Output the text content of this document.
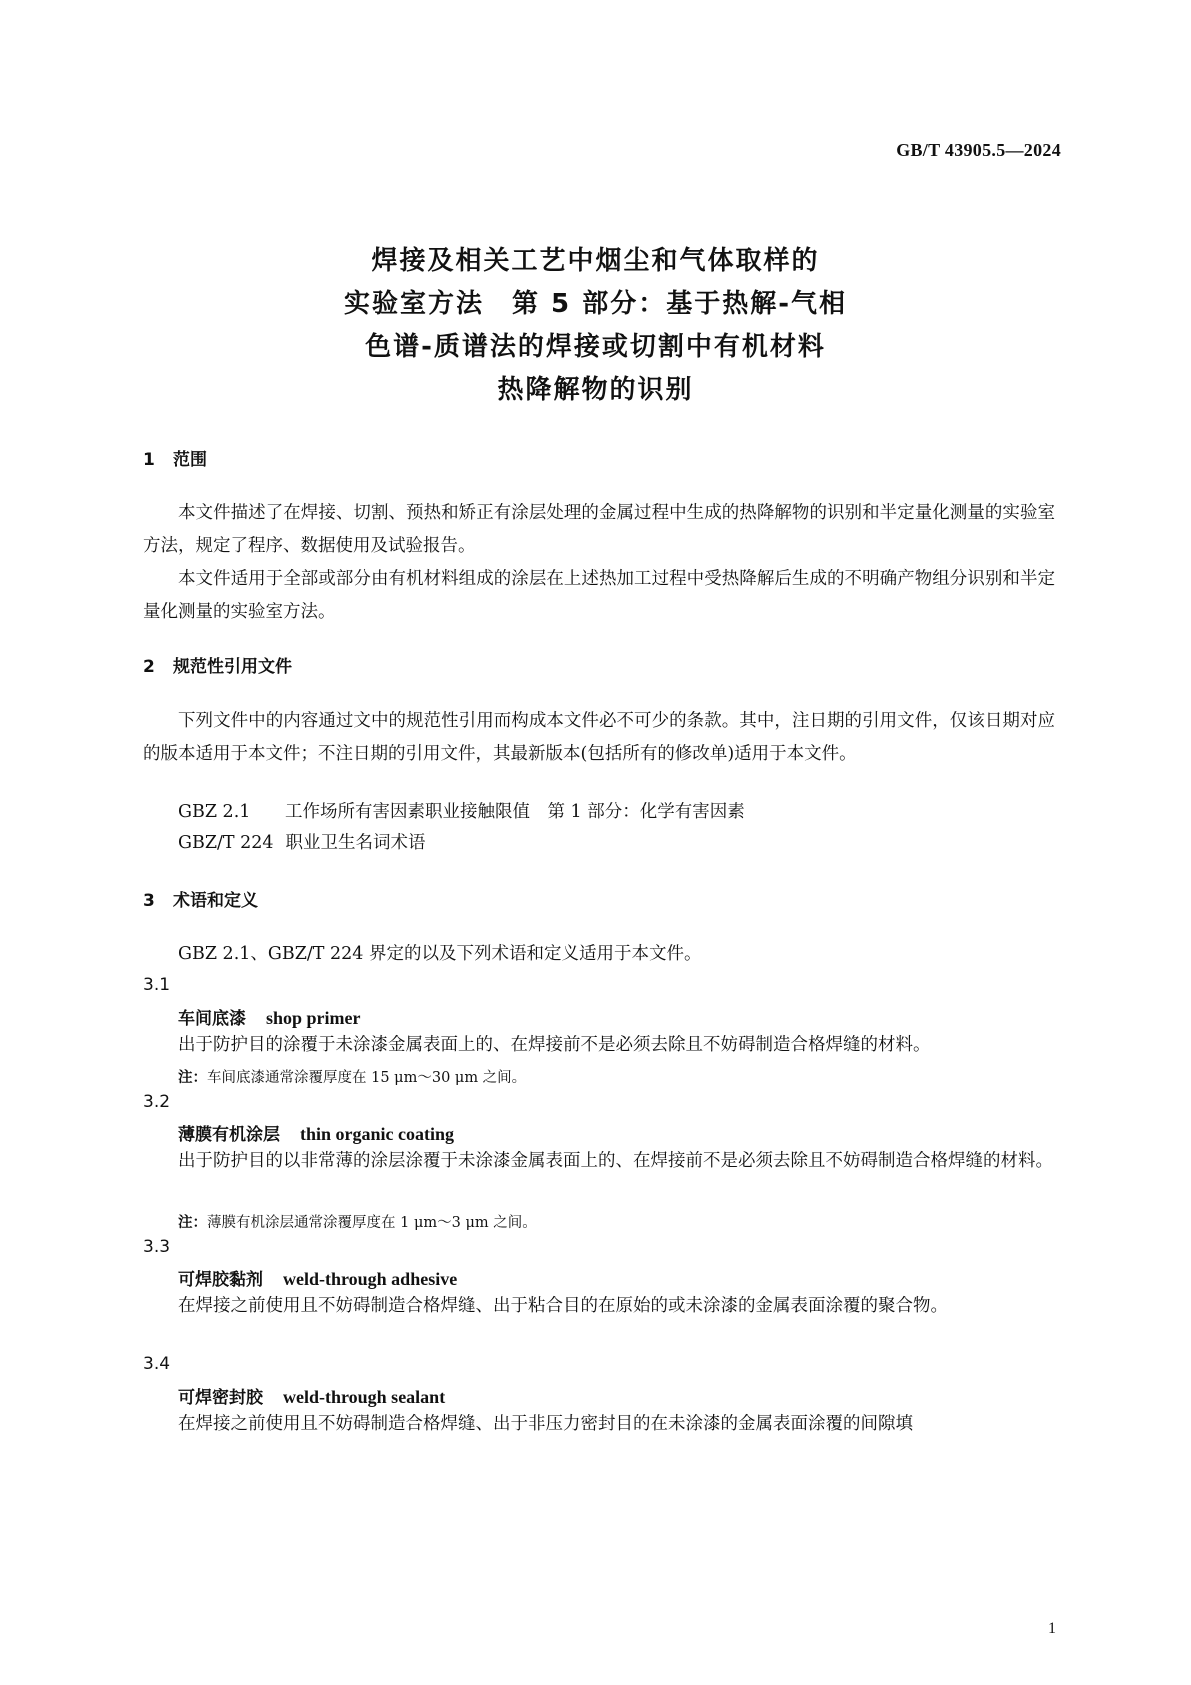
GB/T 43905.5—2024
焊接及相关工艺中烟尘和气体取样的
实验室方法　第 5 部分：基于热解-气相
色谱-质谱法的焊接或切割中有机材料
热降解物的识别
1 范围
本文件描述了在焊接、切割、预热和矫正有涂层处理的金属过程中生成的热降解物的识别和半定量化测量的实验室方法，规定了程序、数据使用及试验报告。
本文件适用于全部或部分由有机材料组成的涂层在上述热加工过程中受热降解后生成的不明确产物组分识别和半定量化测量的实验室方法。
2 规范性引用文件
下列文件中的内容通过文中的规范性引用而构成本文件必不可少的条款。其中，注日期的引用文件，仅该日期对应的版本适用于本文件；不注日期的引用文件，其最新版本(包括所有的修改单)适用于本文件。
GBZ 2.1 工作场所有害因素职业接触限值　第 1 部分：化学有害因素
GBZ/T 224 职业卫生名词术语
3 术语和定义
GBZ 2.1、GBZ/T 224 界定的以及下列术语和定义适用于本文件。
3.1
车间底漆 shop primer
出于防护目的涂覆于未涂漆金属表面上的、在焊接前不是必须去除且不妨碍制造合格焊缝的材料。
注：车间底漆通常涂覆厚度在 15 μm～30 μm 之间。
3.2
薄膜有机涂层 thin organic coating
出于防护目的以非常薄的涂层涂覆于未涂漆金属表面上的、在焊接前不是必须去除且不妨碍制造合格焊缝的材料。
注：薄膜有机涂层通常涂覆厚度在 1 μm～3 μm 之间。
3.3
可焊胶黏剂 weld-through adhesive
在焊接之前使用且不妨碍制造合格焊缝、出于粘合目的在原始的或未涂漆的金属表面涂覆的聚合物。
3.4
可焊密封胶 weld-through sealant
在焊接之前使用且不妨碍制造合格焊缝、出于非压力密封目的在未涂漆的金属表面涂覆的间隙填
1
